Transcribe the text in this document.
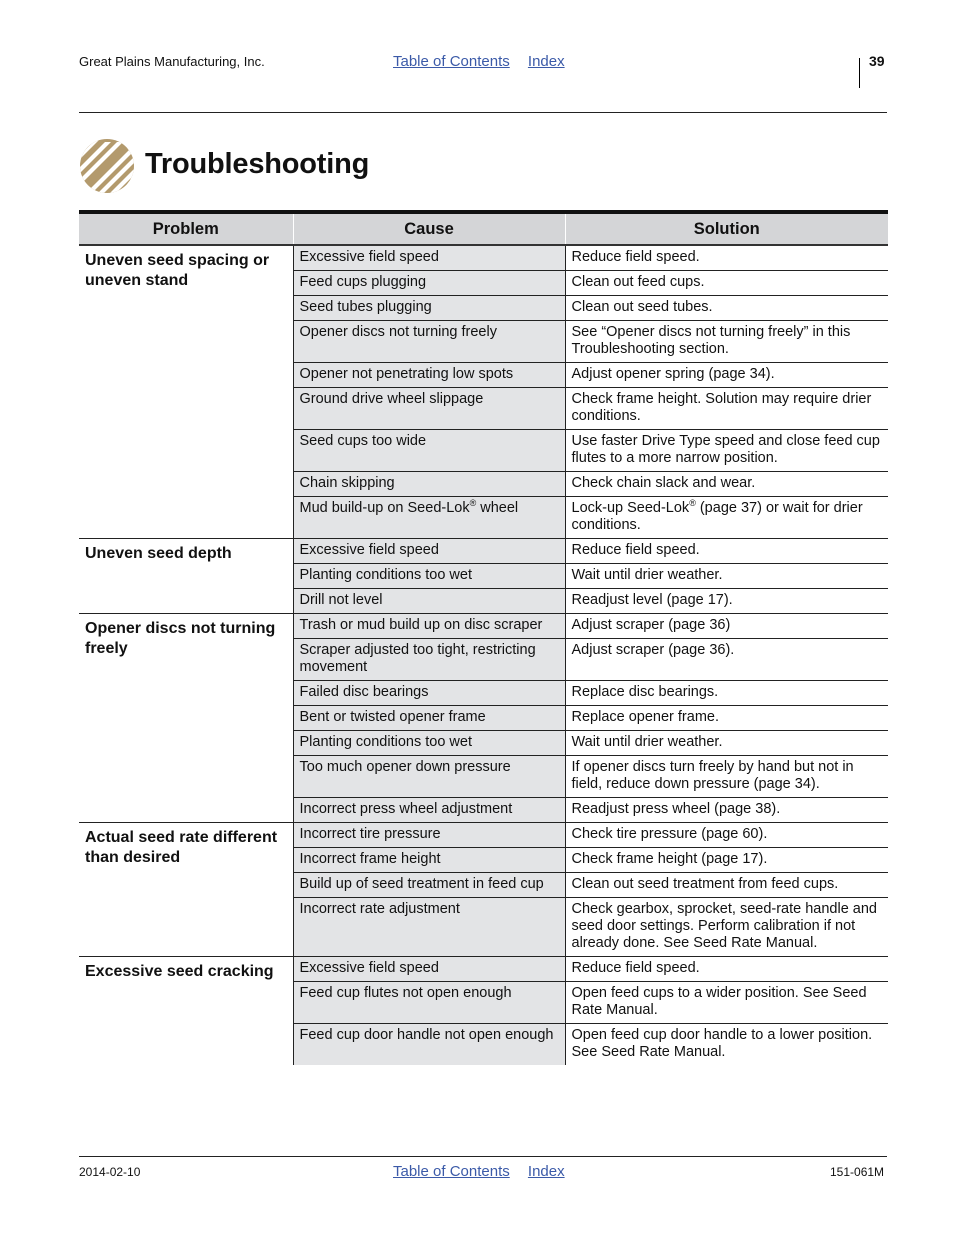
Great Plains Manufacturing, Inc.	Table of Contents Index	39
Troubleshooting
Problem	Cause	Solution
Uneven seed spacing or uneven stand	Excessive field speed	Reduce field speed.
	Feed cups plugging	Clean out feed cups.
	Seed tubes plugging	Clean out seed tubes.
	Opener discs not turning freely	See “Opener discs not turning freely” in this Troubleshooting section.
	Opener not penetrating low spots	Adjust opener spring (page 34).
	Ground drive wheel slippage	Check frame height. Solution may require drier conditions.
	Seed cups too wide	Use faster Drive Type speed and close feed cup flutes to a more narrow position.
	Chain skipping	Check chain slack and wear.
	Mud build-up on Seed-Lok® wheel	Lock-up Seed-Lok® (page 37) or wait for drier conditions.
Uneven seed depth	Excessive field speed	Reduce field speed.
	Planting conditions too wet	Wait until drier weather.
	Drill not level	Readjust level (page 17).
Opener discs not turning freely	Trash or mud build up on disc scraper	Adjust scraper (page 36)
	Scraper adjusted too tight, restricting movement	Adjust scraper (page 36).
	Failed disc bearings	Replace disc bearings.
	Bent or twisted opener frame	Replace opener frame.
	Planting conditions too wet	Wait until drier weather.
	Too much opener down pressure	If opener discs turn freely by hand but not in field, reduce down pressure (page 34).
	Incorrect press wheel adjustment	Readjust press wheel (page 38).
Actual seed rate different than desired	Incorrect tire pressure	Check tire pressure (page 60).
	Incorrect frame height	Check frame height (page 17).
	Build up of seed treatment in feed cup	Clean out seed treatment from feed cups.
	Incorrect rate adjustment	Check gearbox, sprocket, seed-rate handle and seed door settings. Perform calibration if not already done. See Seed Rate Manual.
Excessive seed cracking	Excessive field speed	Reduce field speed.
	Feed cup flutes not open enough	Open feed cups to a wider position. See Seed Rate Manual.
	Feed cup door handle not open enough	Open feed cup door handle to a lower position. See Seed Rate Manual.
2014-02-10	Table of Contents Index	151-061M
